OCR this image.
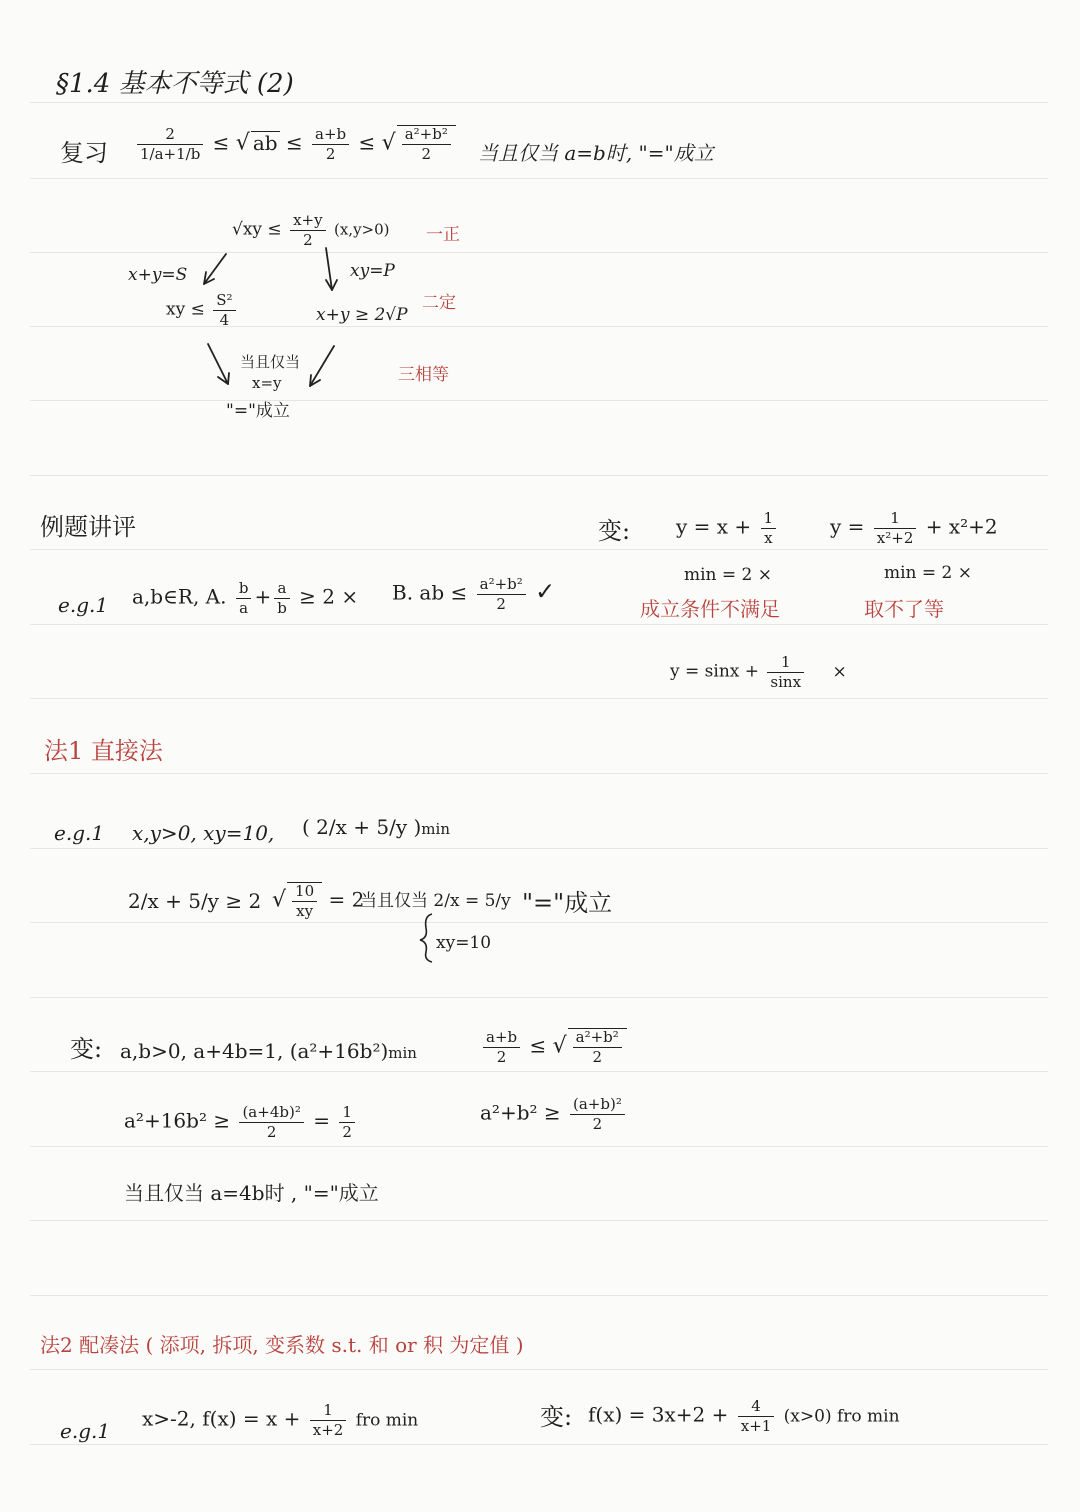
§1.4 基本不等式 (2)
复习 $\frac{2}{1/a+1/b}$ ≤ √ ab ≤ $\frac{a+b}{2}$ ≤ √ $\frac{\text{a²+b²}}{2}$ 当且仅当 a=b时, "="成立
$√xy \le \frac{x+y}{2} (x,y>0)$ 一正
x+y=S	xy=P
xy ≤ $\frac{\text{S²}}{4}$	x+y ≥ 2√P
二定
当且仅当
x=y	三相等
"="成立
例题讲评
e.g.1 a,b∈R, A. $\frac{b}{a} + \frac{a}{b} \ge 2 \times B$. ab ≤ $\frac{\text{a²+b²}}{2}$ ✓
变: $y = x + \frac{1}{x}$	$y = \frac{1}{\text{x²+2}} + x^2+2$
min = 2 ×	min = 2 ×
成立条件不满足	取不了等
$y = \sin x + \frac{1}{\sin x}$ ×
法1 直接法
e.g.1 x,y>0, xy=10, ( 2/x + 5/y )min
2/x + 5/y ≥ 2 √ $\frac{10}{xy} = 2$
当且仅当 2/x = 5/y "="成立
xy=10
变: a,b>0, a+4b=1, (a²+16b²)min	$\frac{a+b}{2}$ ≤ √ $\frac{\text{a²+b²}}{2}$
$a^2+16b^2 \ge \frac{\text{(a+4b)²}}{2} = \frac{1}{2}$	$a^2+b^2 \ge \frac{\text{(a+b)²}}{2}$
当且仅当 a=4b时 , "="成立
法2 配凑法 ( 添项, 拆项, 变系数 s.t. 和 or 积 为定值 )
e.g.1
x>-2, $f(x) = x + \frac{1}{x+2}$ fro min	变: $f(x) = 3x+2 + \frac{4}{x+1} (x>0)$ fro min
